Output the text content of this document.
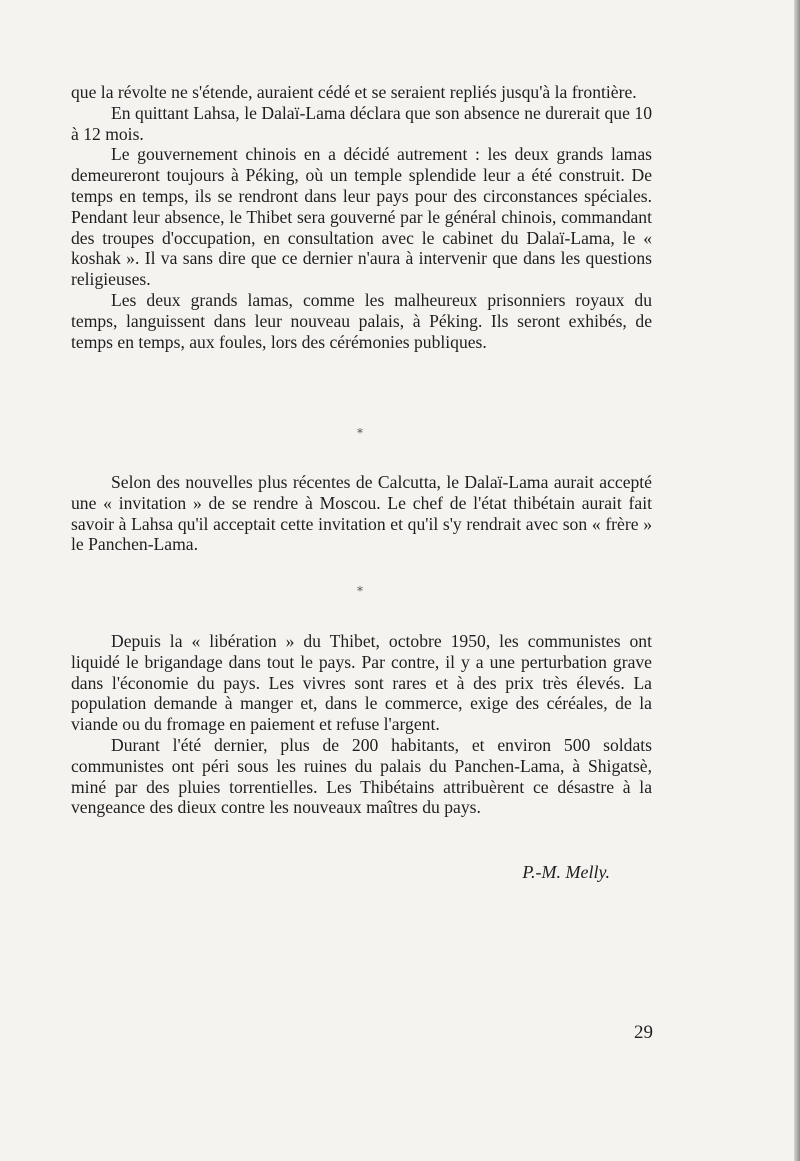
que la révolte ne s'étende, auraient cédé et se seraient repliés jusqu'à la frontière.

En quittant Lahsa, le Dalaï-Lama déclara que son absence ne durerait que 10 à 12 mois.

Le gouvernement chinois en a décidé autrement : les deux grands lamas demeureront toujours à Péking, où un temple splendide leur a été construit. De temps en temps, ils se rendront dans leur pays pour des circonstances spéciales. Pendant leur absence, le Thibet sera gouverné par le général chinois, commandant des troupes d'occupation, en consultation avec le cabinet du Dalaï-Lama, le « koshak ». Il va sans dire que ce dernier n'aura à intervenir que dans les questions religieuses.

Les deux grands lamas, comme les malheureux prisonniers royaux du temps, languissent dans leur nouveau palais, à Péking. Ils seront exhibés, de temps en temps, aux foules, lors des cérémonies publiques.

*

Selon des nouvelles plus récentes de Calcutta, le Dalaï-Lama aurait accepté une « invitation » de se rendre à Moscou. Le chef de l'état thibétain aurait fait savoir à Lahsa qu'il acceptait cette invitation et qu'il s'y rendrait avec son « frère » le Panchen-Lama.

*

Depuis la « libération » du Thibet, octobre 1950, les communistes ont liquidé le brigandage dans tout le pays. Par contre, il y a une perturbation grave dans l'économie du pays. Les vivres sont rares et à des prix très élevés. La population demande à manger et, dans le commerce, exige des céréales, de la viande ou du fromage en paiement et refuse l'argent.

Durant l'été dernier, plus de 200 habitants, et environ 500 soldats communistes ont péri sous les ruines du palais du Panchen-Lama, à Shigatsè, miné par des pluies torrentielles. Les Thibétains attribuèrent ce désastre à la vengeance des dieux contre les nouveaux maîtres du pays.

P.-M. Melly.
29
